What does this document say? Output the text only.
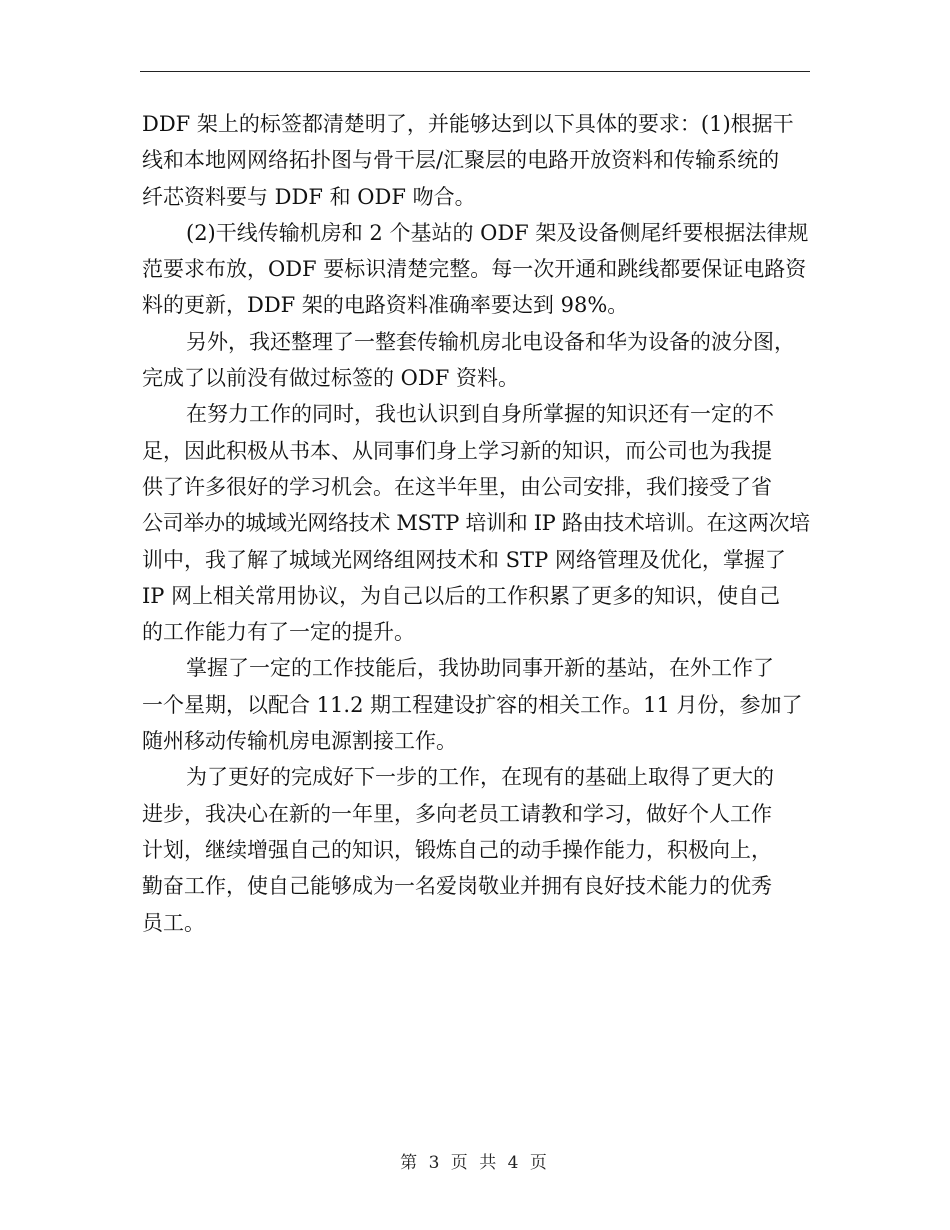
DDF 架上的标签都清楚明了，并能够达到以下具体的要求：(1)根据干
线和本地网网络拓扑图与骨干层/汇聚层的电路开放资料和传输系统的
纤芯资料要与 DDF 和 ODF 吻合。

(2)干线传输机房和 2 个基站的 ODF 架及设备侧尾纤要根据法律规
范要求布放，ODF 要标识清楚完整。每一次开通和跳线都要保证电路资
料的更新，DDF 架的电路资料准确率要达到 98%。

另外，我还整理了一整套传输机房北电设备和华为设备的波分图，
完成了以前没有做过标签的 ODF 资料。

在努力工作的同时，我也认识到自身所掌握的知识还有一定的不
足，因此积极从书本、从同事们身上学习新的知识，而公司也为我提
供了许多很好的学习机会。在这半年里，由公司安排，我们接受了省
公司举办的城域光网络技术 MSTP 培训和 IP 路由技术培训。在这两次培
训中，我了解了城域光网络组网技术和 STP 网络管理及优化，掌握了
IP 网上相关常用协议，为自己以后的工作积累了更多的知识，使自己
的工作能力有了一定的提升。

掌握了一定的工作技能后，我协助同事开新的基站，在外工作了
一个星期，以配合 11.2 期工程建设扩容的相关工作。11 月份，参加了
随州移动传输机房电源割接工作。

为了更好的完成好下一步的工作，在现有的基础上取得了更大的
进步，我决心在新的一年里，多向老员工请教和学习，做好个人工作
计划，继续增强自己的知识，锻炼自己的动手操作能力，积极向上，
勤奋工作，使自己能够成为一名爱岗敬业并拥有良好技术能力的优秀
员工。

第 3 页 共 4 页
